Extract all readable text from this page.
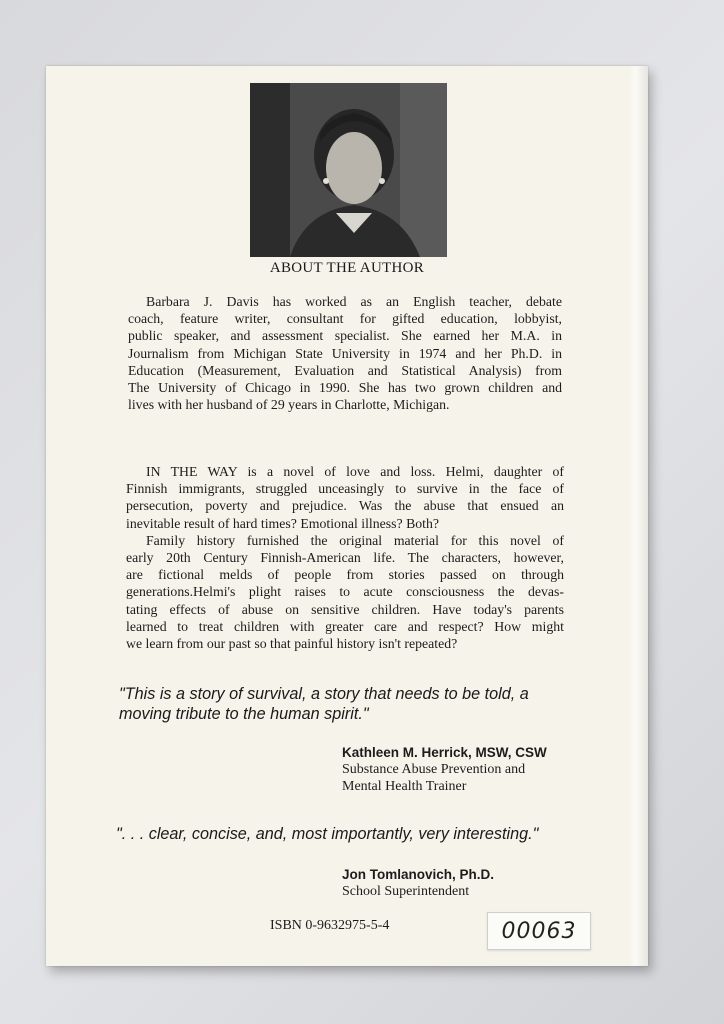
ABOUT THE AUTHOR
Barbara J. Davis has worked as an English teacher, debate
coach, feature writer, consultant for gifted education, lobbyist,
public speaker, and assessment specialist. She earned her M.A. in
Journalism from Michigan State University in 1974 and her Ph.D. in
Education (Measurement, Evaluation and Statistical Analysis) from
The University of Chicago in 1990. She has two grown children and
lives with her husband of 29 years in Charlotte, Michigan.
IN THE WAY is a novel of love and loss. Helmi, daughter of
Finnish immigrants, struggled unceasingly to survive in the face of
persecution, poverty and prejudice. Was the abuse that ensued an
inevitable result of hard times? Emotional illness? Both?
Family history furnished the original material for this novel of
early 20th Century Finnish-American life. The characters, however,
are fictional melds of people from stories passed on through
generations.Helmi's plight raises to acute consciousness the devas-
tating effects of abuse on sensitive children. Have today's parents
learned to treat children with greater care and respect? How might
we learn from our past so that painful history isn't repeated?
"This is a story of survival, a story that needs to be told, a
moving tribute to the human spirit."
Kathleen M. Herrick, MSW, CSW
Substance Abuse Prevention and
Mental Health Trainer
". . . clear, concise, and, most importantly, very interesting."
Jon Tomlanovich, Ph.D.
School Superintendent
ISBN 0-9632975-5-4	00063
